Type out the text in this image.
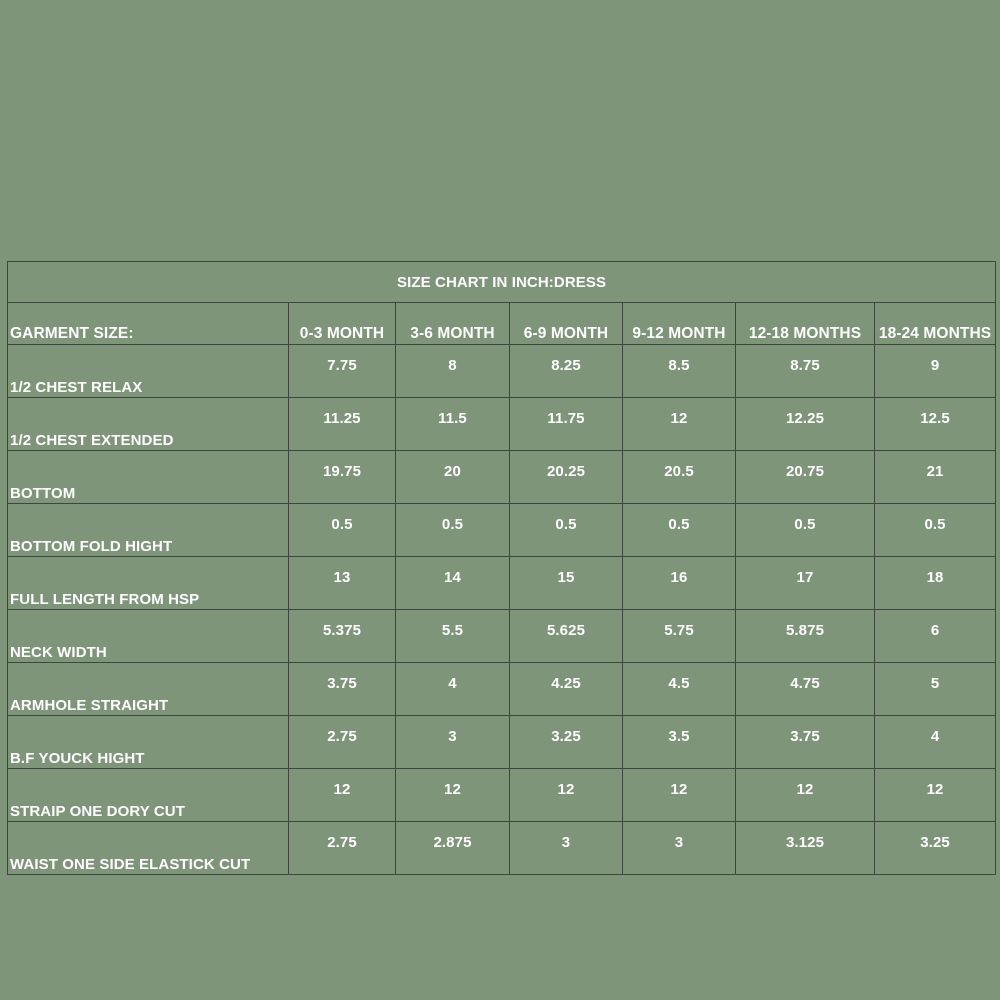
SIZE CHART IN INCH:DRESS						
GARMENT SIZE:	0-3 MONTH	3-6 MONTH	6-9 MONTH	9-12 MONTH	12-18 MONTHS	18-24 MONTHS
1/2 CHEST RELAX	7.75	8	8.25	8.5	8.75	9
1/2 CHEST EXTENDED	11.25	11.5	11.75	12	12.25	12.5
BOTTOM	19.75	20	20.25	20.5	20.75	21
BOTTOM FOLD HIGHT	0.5	0.5	0.5	0.5	0.5	0.5
FULL LENGTH FROM HSP	13	14	15	16	17	18
NECK WIDTH	5.375	5.5	5.625	5.75	5.875	6
ARMHOLE STRAIGHT	3.75	4	4.25	4.5	4.75	5
B.F YOUCK HIGHT	2.75	3	3.25	3.5	3.75	4
STRAIP ONE DORY CUT	12	12	12	12	12	12
WAIST ONE SIDE ELASTICK CUT	2.75	2.875	3	3	3.125	3.25
